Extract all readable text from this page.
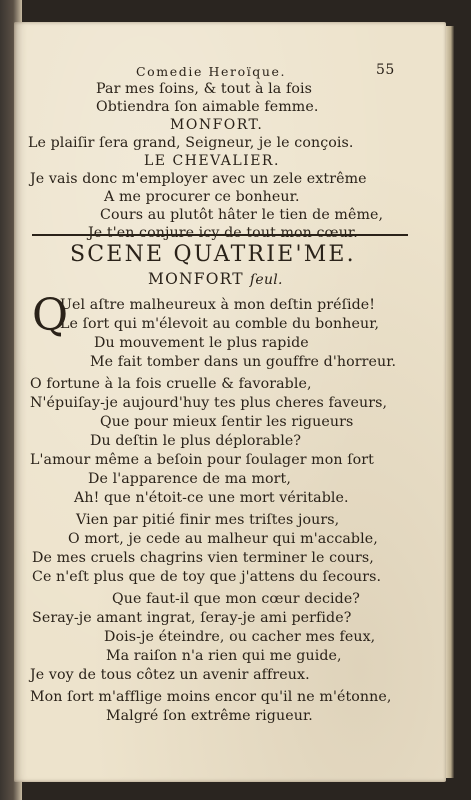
Comedie Heroïque.	55
Par mes ſoins, & tout à la fois
Obtiendra ſon aimable femme.
MONFORT.
Le plaiſir ſera grand, Seigneur, je le conçois.
LE CHEVALIER.
Je vais donc m'employer avec un zele extrême
A me procurer ce bonheur.
Cours au plutôt hâter le tien de même,
Je t'en conjure icy de tout mon cœur.
SCENE QUATRIE'ME.
MONFORT ſeul.
Q
Uel aſtre malheureux à mon deſtin préſide!
Le ſort qui m'élevoit au comble du bonheur,
Du mouvement le plus rapide
Me fait tomber dans un gouffre d'horreur.
O fortune à la fois cruelle & favorable,
N'épuiſay-je aujourd'huy tes plus cheres faveurs,
Que pour mieux ſentir les rigueurs
Du deſtin le plus déplorable?
L'amour même a beſoin pour ſoulager mon ſort
De l'apparence de ma mort,
Ah! que n'étoit-ce une mort véritable.
Vien par pitié finir mes triſtes jours,
O mort, je cede au malheur qui m'accable,
De mes cruels chagrins vien terminer le cours,
Ce n'eſt plus que de toy que j'attens du ſecours.
Que faut-il que mon cœur decide?
Seray-je amant ingrat, ſeray-je ami perfide?
Dois-je éteindre, ou cacher mes feux,
Ma raiſon n'a rien qui me guide,
Je voy de tous côtez un avenir affreux.
Mon ſort m'afflige moins encor qu'il ne m'étonne,
Malgré ſon extrême rigueur.
